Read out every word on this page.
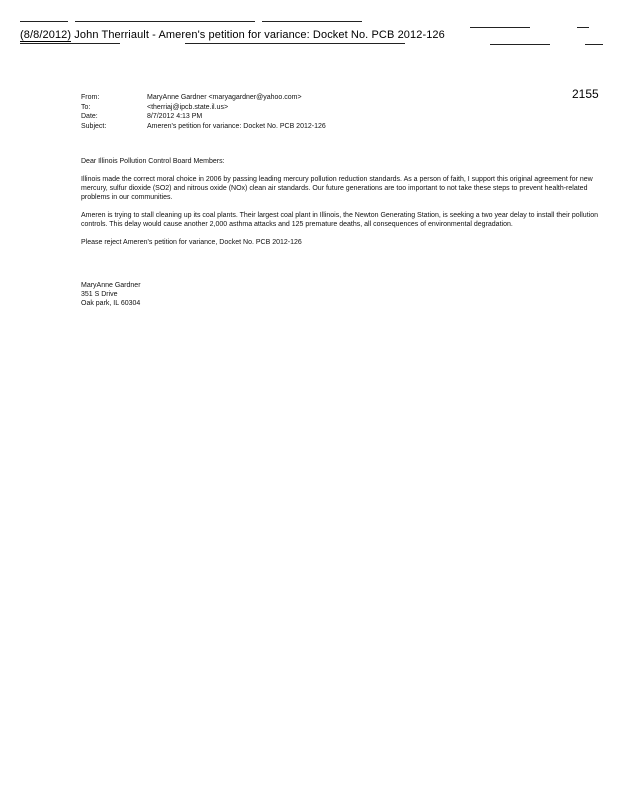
(8/8/2012) John Therriault - Ameren's petition for variance: Docket No. PCB 2012-126
2155
From:	MaryAnne Gardner <maryagardner@yahoo.com>
To:	<therriaj@ipcb.state.il.us>
Date:	8/7/2012 4:13 PM
Subject:	Ameren's petition for variance: Docket No. PCB 2012-126

Dear Illinois Pollution Control Board Members:

Illinois made the correct moral choice in 2006 by passing leading mercury pollution reduction standards. As a person of faith, I support this original agreement for new mercury, sulfur dioxide (SO2) and nitrous oxide (NOx) clean air standards. Our future generations are too important to not take these steps to prevent health-related problems in our communities.

Ameren is trying to stall cleaning up its coal plants. Their largest coal plant in Illinois, the Newton Generating Station, is seeking a two year delay to install their pollution controls. This delay would cause another 2,000 asthma attacks and 125 premature deaths, all consequences of environmental degradation.

Please reject Ameren's petition for variance, Docket No. PCB 2012-126

MaryAnne Gardner
351 S Drive
Oak park, IL 60304
